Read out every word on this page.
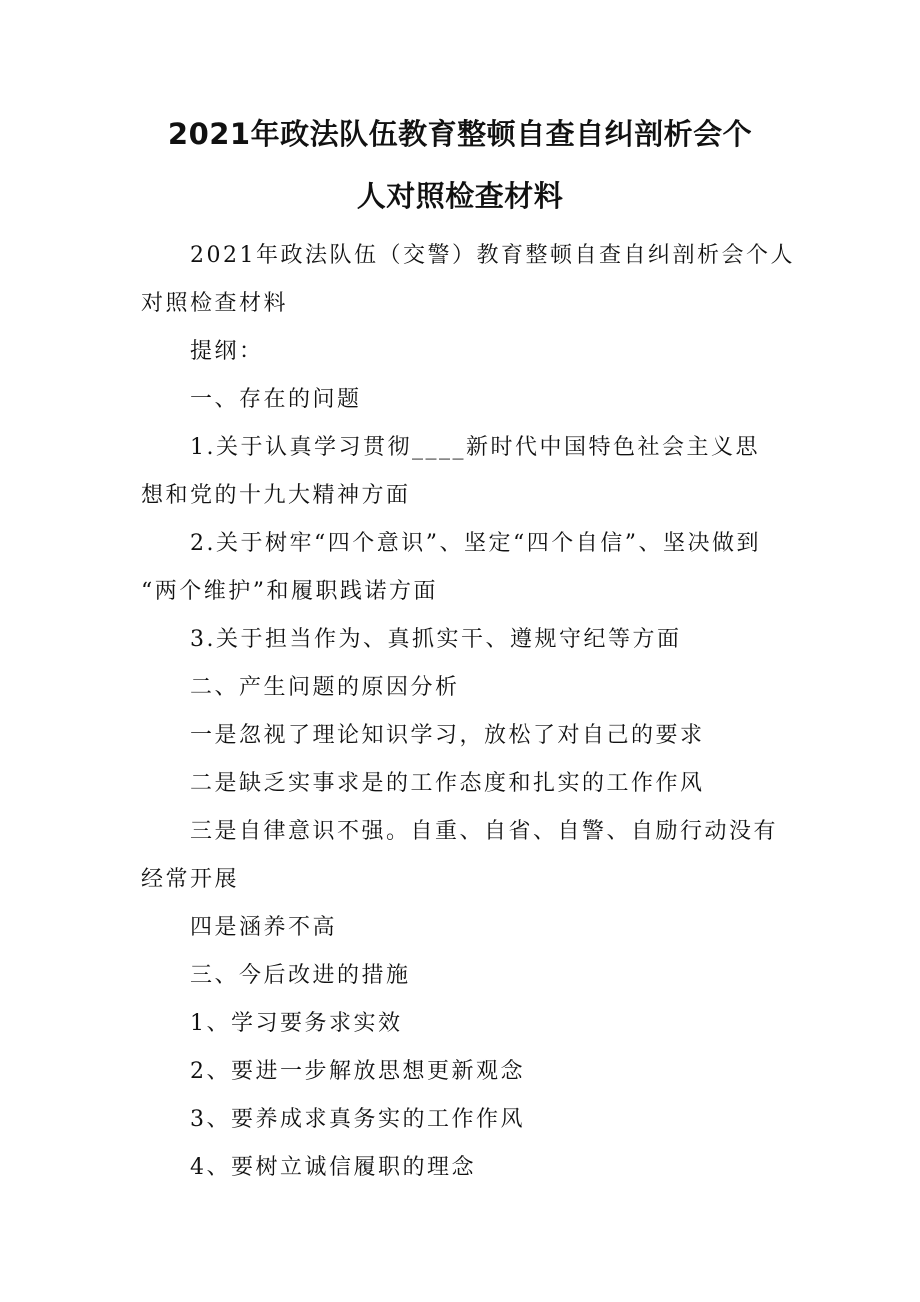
2021年政法队伍教育整顿自查自纠剖析会个
人对照检查材料
2021年政法队伍（交警）教育整顿自查自纠剖析会个人
对照检查材料
提纲：
一、存在的问题
1.关于认真学习贯彻____新时代中国特色社会主义思
想和党的十九大精神方面
2.关于树牢“四个意识”、坚定“四个自信”、坚决做到
“两个维护”和履职践诺方面
3.关于担当作为、真抓实干、遵规守纪等方面
二、产生问题的原因分析
一是忽视了理论知识学习，放松了对自己的要求
二是缺乏实事求是的工作态度和扎实的工作作风
三是自律意识不强。自重、自省、自警、自励行动没有
经常开展
四是涵养不高
三、今后改进的措施
1、学习要务求实效
2、要进一步解放思想更新观念
3、要养成求真务实的工作作风
4、要树立诚信履职的理念
